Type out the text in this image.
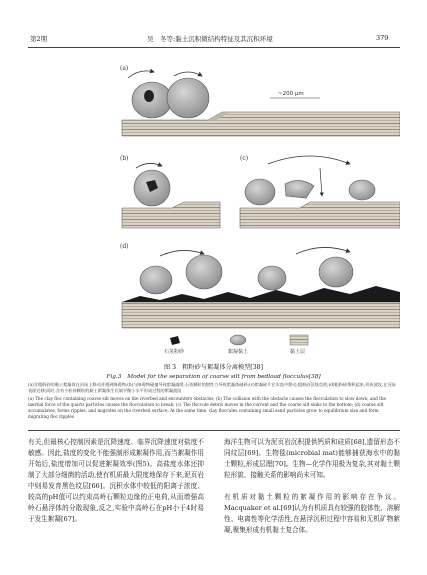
第2期	吴　冬等:黏土沉积微结构特征及其沉积环境	379
(a)
~200 μm
(b)	(c)
(d)
石英粉砂	絮凝黏土	黏土层
图 3　粗粉砂与絮凝体分离模型[38]
Fig.3　Model for the separation of coarse silt from bedload flocculus[38]
(a)含粗粉砂的黏土絮凝体在河床上移动并遇到障碍物;(b)与障碍物碰撞导致絮凝减缓,石英颗粒的惯性力导致絮凝体破碎;(c)絮凝碎片在水流中移动,粗粉砂沉线克底;(d)粗粉砂堆积起来,形成波纹,在河床表面迁移;同时,含有小粒砂颗粒的黏土絮凝体生长填平微小水平形成过程的絮凝波纹
(a) The clay floc containing coarse silt moves on the riverbed and encounters obstacles; (b) The collision with the obstacle causes the flocculation to slow down, and the inertial force of the quartz particles causes the flocculation to break; (c) The floccule debris moves in the current and the coarse silt sinks to the bottom; (d) coarse silt accumulates, forms ripples, and migrates on the riverbed surface; At the same time, clay floccules containing small sand particles grow to equilibrium size and form migrating floc ripples
有关,但最核心控制因素是沉降速度、临界沉降速度对盐度不敏感。因此,盐度的变化不能强制形成絮凝作用,而当絮凝作用开始后,盐度增加可以促进絮凝效率(图5)。高盐度水体还抑制了大部分细菌的活动,使有机质最大限度地保存下来,泥页岩中则易发育黑色纹层[66]。沉积水体中较低的阳离子浓度、较高的pH值可以约束高岭石颗粒边缘的正电荷,从而增强高岭石悬浮体的分散现象,反之,实验中高岭石在pH小于4时易于发生絮凝[67]。
海洋生物可以为泥页岩沉积提供钙质和硅质[68],遗留形态不同纹层[69]。生物毯(microbial mat)能够捕获海水中的黏土颗粒,形成层理[70]。生物—化学作用极为复杂,其对黏土颗粒形貌、接触关系的影响尚未可知。

有机质对黏土颗粒的絮凝作用的影响存在争议。Macquaker et al.[69]认为有机质具有较强的胶体性、溶解性、电离性等化学活性,在悬浮沉积过程中容易和无机矿物絮凝,聚集形成有机黏土复合体。
